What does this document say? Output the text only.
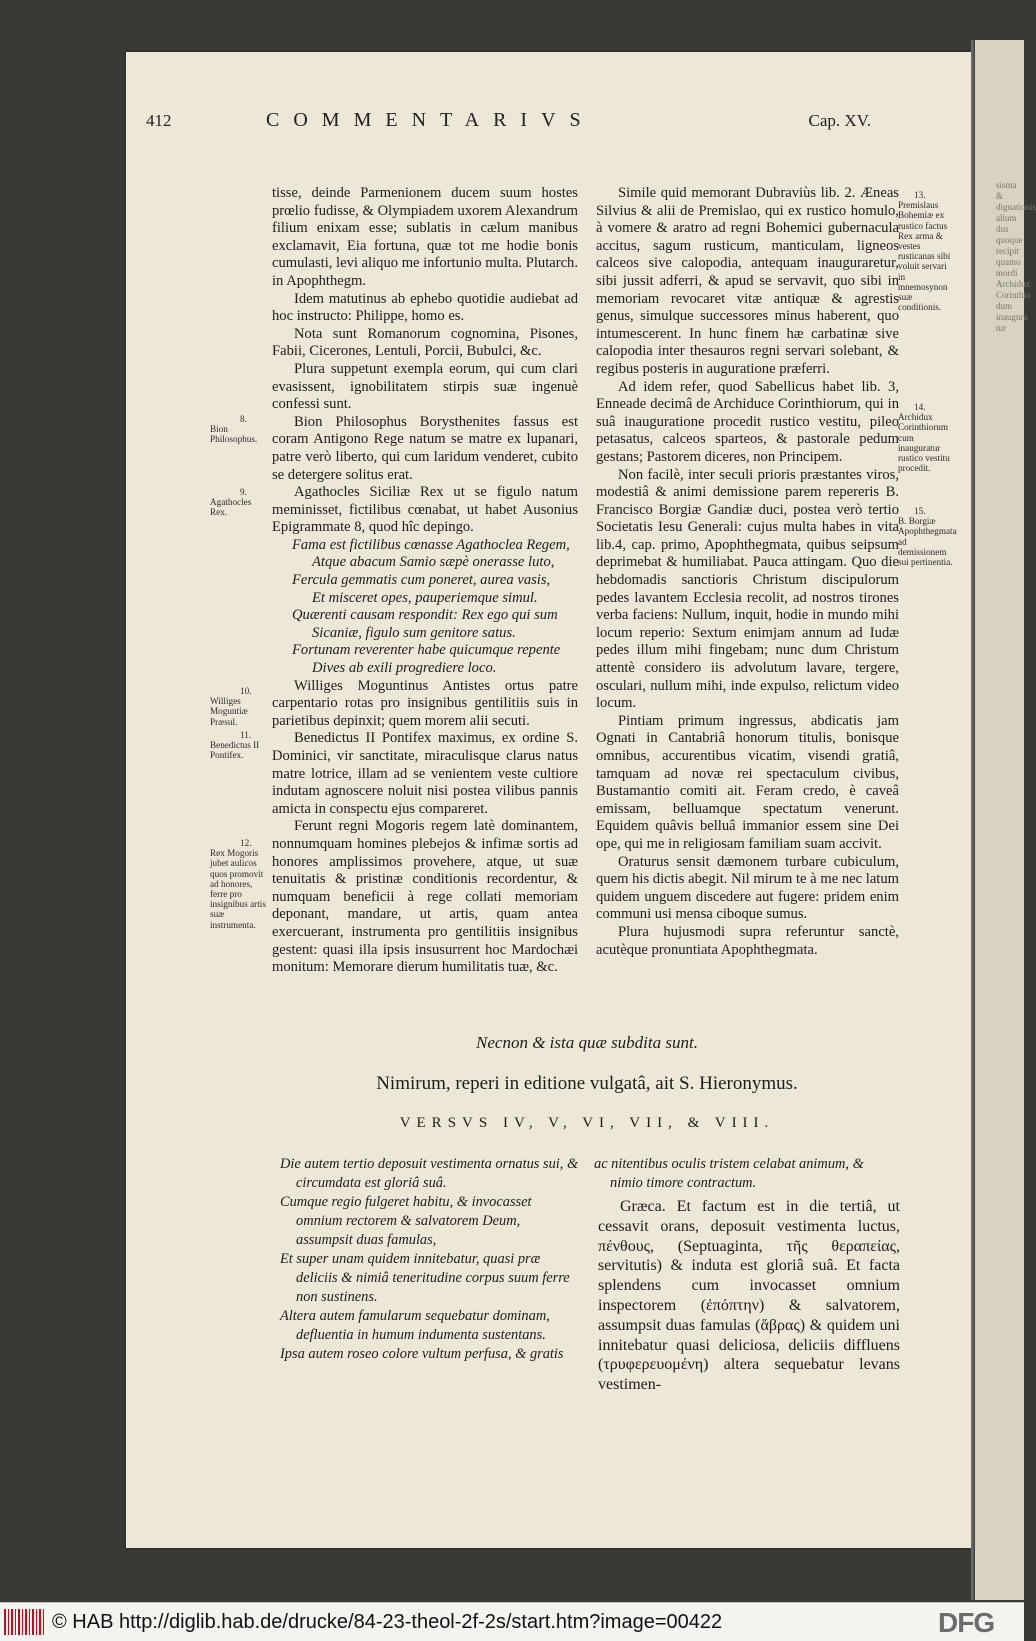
sisma & dignationis alium dus quoque recipit quamo mordi Archidux Corinthio dum inaugura tur
412	COMMENTARIVS	Cap. XV.

tisse, deinde Parmenionem ducem suum hostes prœlio fudisse, & Olympiadem uxorem Alexandrum filium enixam esse; sublatis in cælum manibus exclamavit, Eia fortuna, quæ tot me hodie bonis cumulasti, levi aliquo me infortunio multa. Plutarch. in Apophthegm.

Idem matutinus ab ephebo quotidie audiebat ad hoc instructo: Philippe, homo es.

Nota sunt Romanorum cognomina, Pisones, Fabii, Cicerones, Lentuli, Porcii, Bubulci, &c.

Plura suppetunt exempla eorum, qui cum clari evasissent, ignobilitatem stirpis suæ ingenuè confessi sunt.

Bion Philosophus Borysthenites fassus est coram Antigono Rege natum se matre ex lupanari, patre verò liberto, qui cum laridum venderet, cubito se detergere solitus erat.

Agathocles Siciliæ Rex ut se figulo natum meminisset, fictilibus cœnabat, ut habet Ausonius Epigrammate 8, quod hîc depingo.

Fama est fictilibus cœnasse Agathoclea Regem,

Atque abacum Samio sæpè onerasse luto,

Fercula gemmatis cum poneret, aurea vasis,

Et misceret opes, pauperiemque simul.

Quærenti causam respondit: Rex ego qui sum

Sicaniæ, figulo sum genitore satus.

Fortunam reverenter habe quicumque repente

Dives ab exili progrediere loco.

Williges Moguntinus Antistes ortus patre carpentario rotas pro insignibus gentilitiis suis in parietibus depinxit; quem morem alii secuti.

Benedictus II Pontifex maximus, ex ordine S. Dominici, vir sanctitate, miraculisque clarus natus matre lotrice, illam ad se venientem veste cultiore indutam agnoscere noluit nisi postea vilibus pannis amicta in conspectu ejus compareret.

Ferunt regni Mogoris regem latè dominantem, nonnumquam homines plebejos & infimæ sortis ad honores amplissimos provehere, atque, ut suæ tenuitatis & pristinæ conditionis recordentur, & numquam beneficii à rege collati memoriam deponant, mandare, ut artis, quam antea exercuerant, instrumenta pro gentilitiis insignibus gestent: quasi illa ipsis insusurrent hoc Mardochæi monitum: Memorare dierum humilitatis tuæ, &c.

Simile quid memorant Dubraviùs lib. 2. Æneas Silvius & alii de Premislao, qui ex rustico homulo, à vomere & aratro ad regni Bohemici gubernacula accitus, sagum rusticum, manticulam, ligneos calceos sive calopodia, antequam inauguraretur, sibi jussit adferri, & apud se servavit, quo sibi in memoriam revocaret vitæ antiquæ & agrestis genus, simulque successores minus haberent, quo intumescerent. In hunc finem hæ carbatinæ sive calopodia inter thesauros regni servari solebant, & regibus posteris in auguratione præferri.

Ad idem refer, quod Sabellicus habet lib. 3, Enneade decimâ de Archiduce Corinthiorum, qui in suâ inauguratione procedit rustico vestitu, pileo petasatus, calceos sparteos, & pastorale pedum gestans; Pastorem diceres, non Principem.

Non facilè, inter seculi prioris præstantes viros, modestiâ & animi demissione parem repereris B. Francisco Borgiæ Gandiæ duci, postea verò tertio Societatis Iesu Generali: cujus multa habes in vita lib.4, cap. primo, Apophthegmata, quibus seipsum deprimebat & humiliabat. Pauca attingam. Quo die hebdomadis sanctioris Christum discipulorum pedes lavantem Ecclesia recolit, ad nostros tirones verba faciens: Nullum, inquit, hodie in mundo mihi locum reperio: Sextum enimjam annum ad Iudæ pedes illum mihi fingebam; nunc dum Christum attentè considero iis advolutum lavare, tergere, osculari, nullum mihi, inde expulso, relictum video locum.

Pintiam primum ingressus, abdicatis jam Ognati in Cantabriâ honorum titulis, bonisque omnibus, accurentibus vicatim, visendi gratiâ, tamquam ad novæ rei spectaculum civibus, Bustamantio comiti ait. Feram credo, è caveâ emissam, belluamque spectatum venerunt. Equidem quâvis belluâ immanior essem sine Dei ope, qui me in religiosam familiam suam accivit.

Oraturus sensit dæmonem turbare cubiculum, quem his dictis abegit. Nil mirum te à me nec latum quidem unguem discedere aut fugere: pridem enim communi usi mensa ciboque sumus.

Plura hujusmodi supra referuntur sanctè, acutèque pronuntiata Apophthegmata.

8.
Bion Philosophus.
9.
Agathocles Rex.
10.
Williges Moguntiæ Præsul.
11.
Benedictus II Pontifex.
12.
Rex Mogoris jubet aulicos quos promovit ad honores, ferre pro insignibus artis suæ instrumenta.
13.
Premislaus Bohemiæ ex rustico factus Rex arma & vestes rusticanas sibi voluit servari in mnemosynon suæ conditionis.
14.
Archidux Corinthiorum cum inauguratur rustico vestitu procedit.
15.
B. Borgiæ Apophthegmata ad demissionem sui pertinentia.
Necnon & ista quæ subdita sunt.
Nimirum, reperi in editione vulgatâ, ait S. Hieronymus.
VERSVS IV, V, VI, VII, & VIII.

Die autem tertio deposuit vestimenta ornatus sui, & circumdata est gloriâ suâ.

Cumque regio fulgeret habitu, & invocasset omnium rectorem & salvatorem Deum, assumpsit duas famulas,

Et super unam quidem innitebatur, quasi præ deliciis & nimiâ teneritudine corpus suum ferre non sustinens.

Altera autem famularum sequebatur dominam, defluentia in humum indumenta sustentans.

Ipsa autem roseo colore vultum perfusa, & gratis

ac nitentibus oculis tristem celabat animum, & nimio timore contractum.

Græca. Et factum est in die tertiâ, ut cessavit orans, deposuit vestimenta luctus, πένθους, (Septuaginta, τῆς θεραπείας, servitutis) & induta est gloriâ suâ. Et facta splendens cum invocasset omnium inspectorem (ἐπόπτην) & salvatorem, assumpsit duas famulas (ἅβρας) & quidem uni innitebatur quasi deliciosa, deliciis diffluens (τρυφερευομένη) altera sequebatur levans vestimen-

© HAB http://diglib.hab.de/drucke/84-23-theol-2f-2s/start.htm?image=00422	DFG
